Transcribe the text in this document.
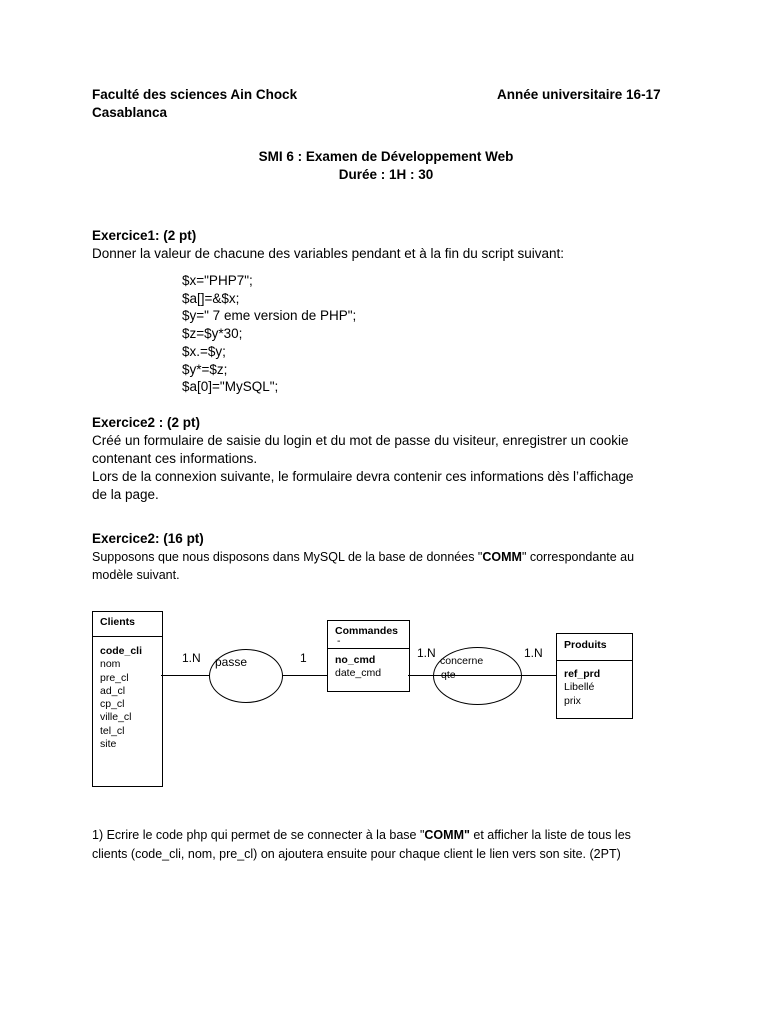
Faculté des sciences Ain Chock
Casablanca
Année universitaire 16-17
SMI 6 : Examen de Développement Web
Durée : 1H : 30
Exercice1: (2 pt)
Donner la valeur de chacune des variables pendant et à la fin du script suivant:
$x="PHP7";
$a[]=&$x;
$y=" 7 eme version de PHP";
$z=$y*30;
$x.=$y;
$y*=$z;
$a[0]="MySQL";
Exercice2 : (2 pt)
Créé un formulaire de saisie du login et du mot de passe du visiteur, enregistrer un cookie
contenant ces informations.
Lors de la connexion suivante, le formulaire devra contenir ces informations dès l’affichage
de la page.
Exercice2: (16 pt)
Supposons que nous disposons dans MySQL de la base de données "COMM" correspondante au
modèle suivant.
Clients
code_cli
nom
pre_cl
ad_cl
cp_cl
ville_cl
tel_cl
site
Commandes
-
no_cmd
date_cmd
Produits
ref_prd
Libellé
prix
passe
1.N	1	concerne
qte
1.N	1.N
1) Ecrire le code php qui permet de se connecter à la base "COMM" et afficher la liste de tous les
clients (code_cli, nom, pre_cl) on ajoutera ensuite pour chaque client le lien vers son site. (2PT)
